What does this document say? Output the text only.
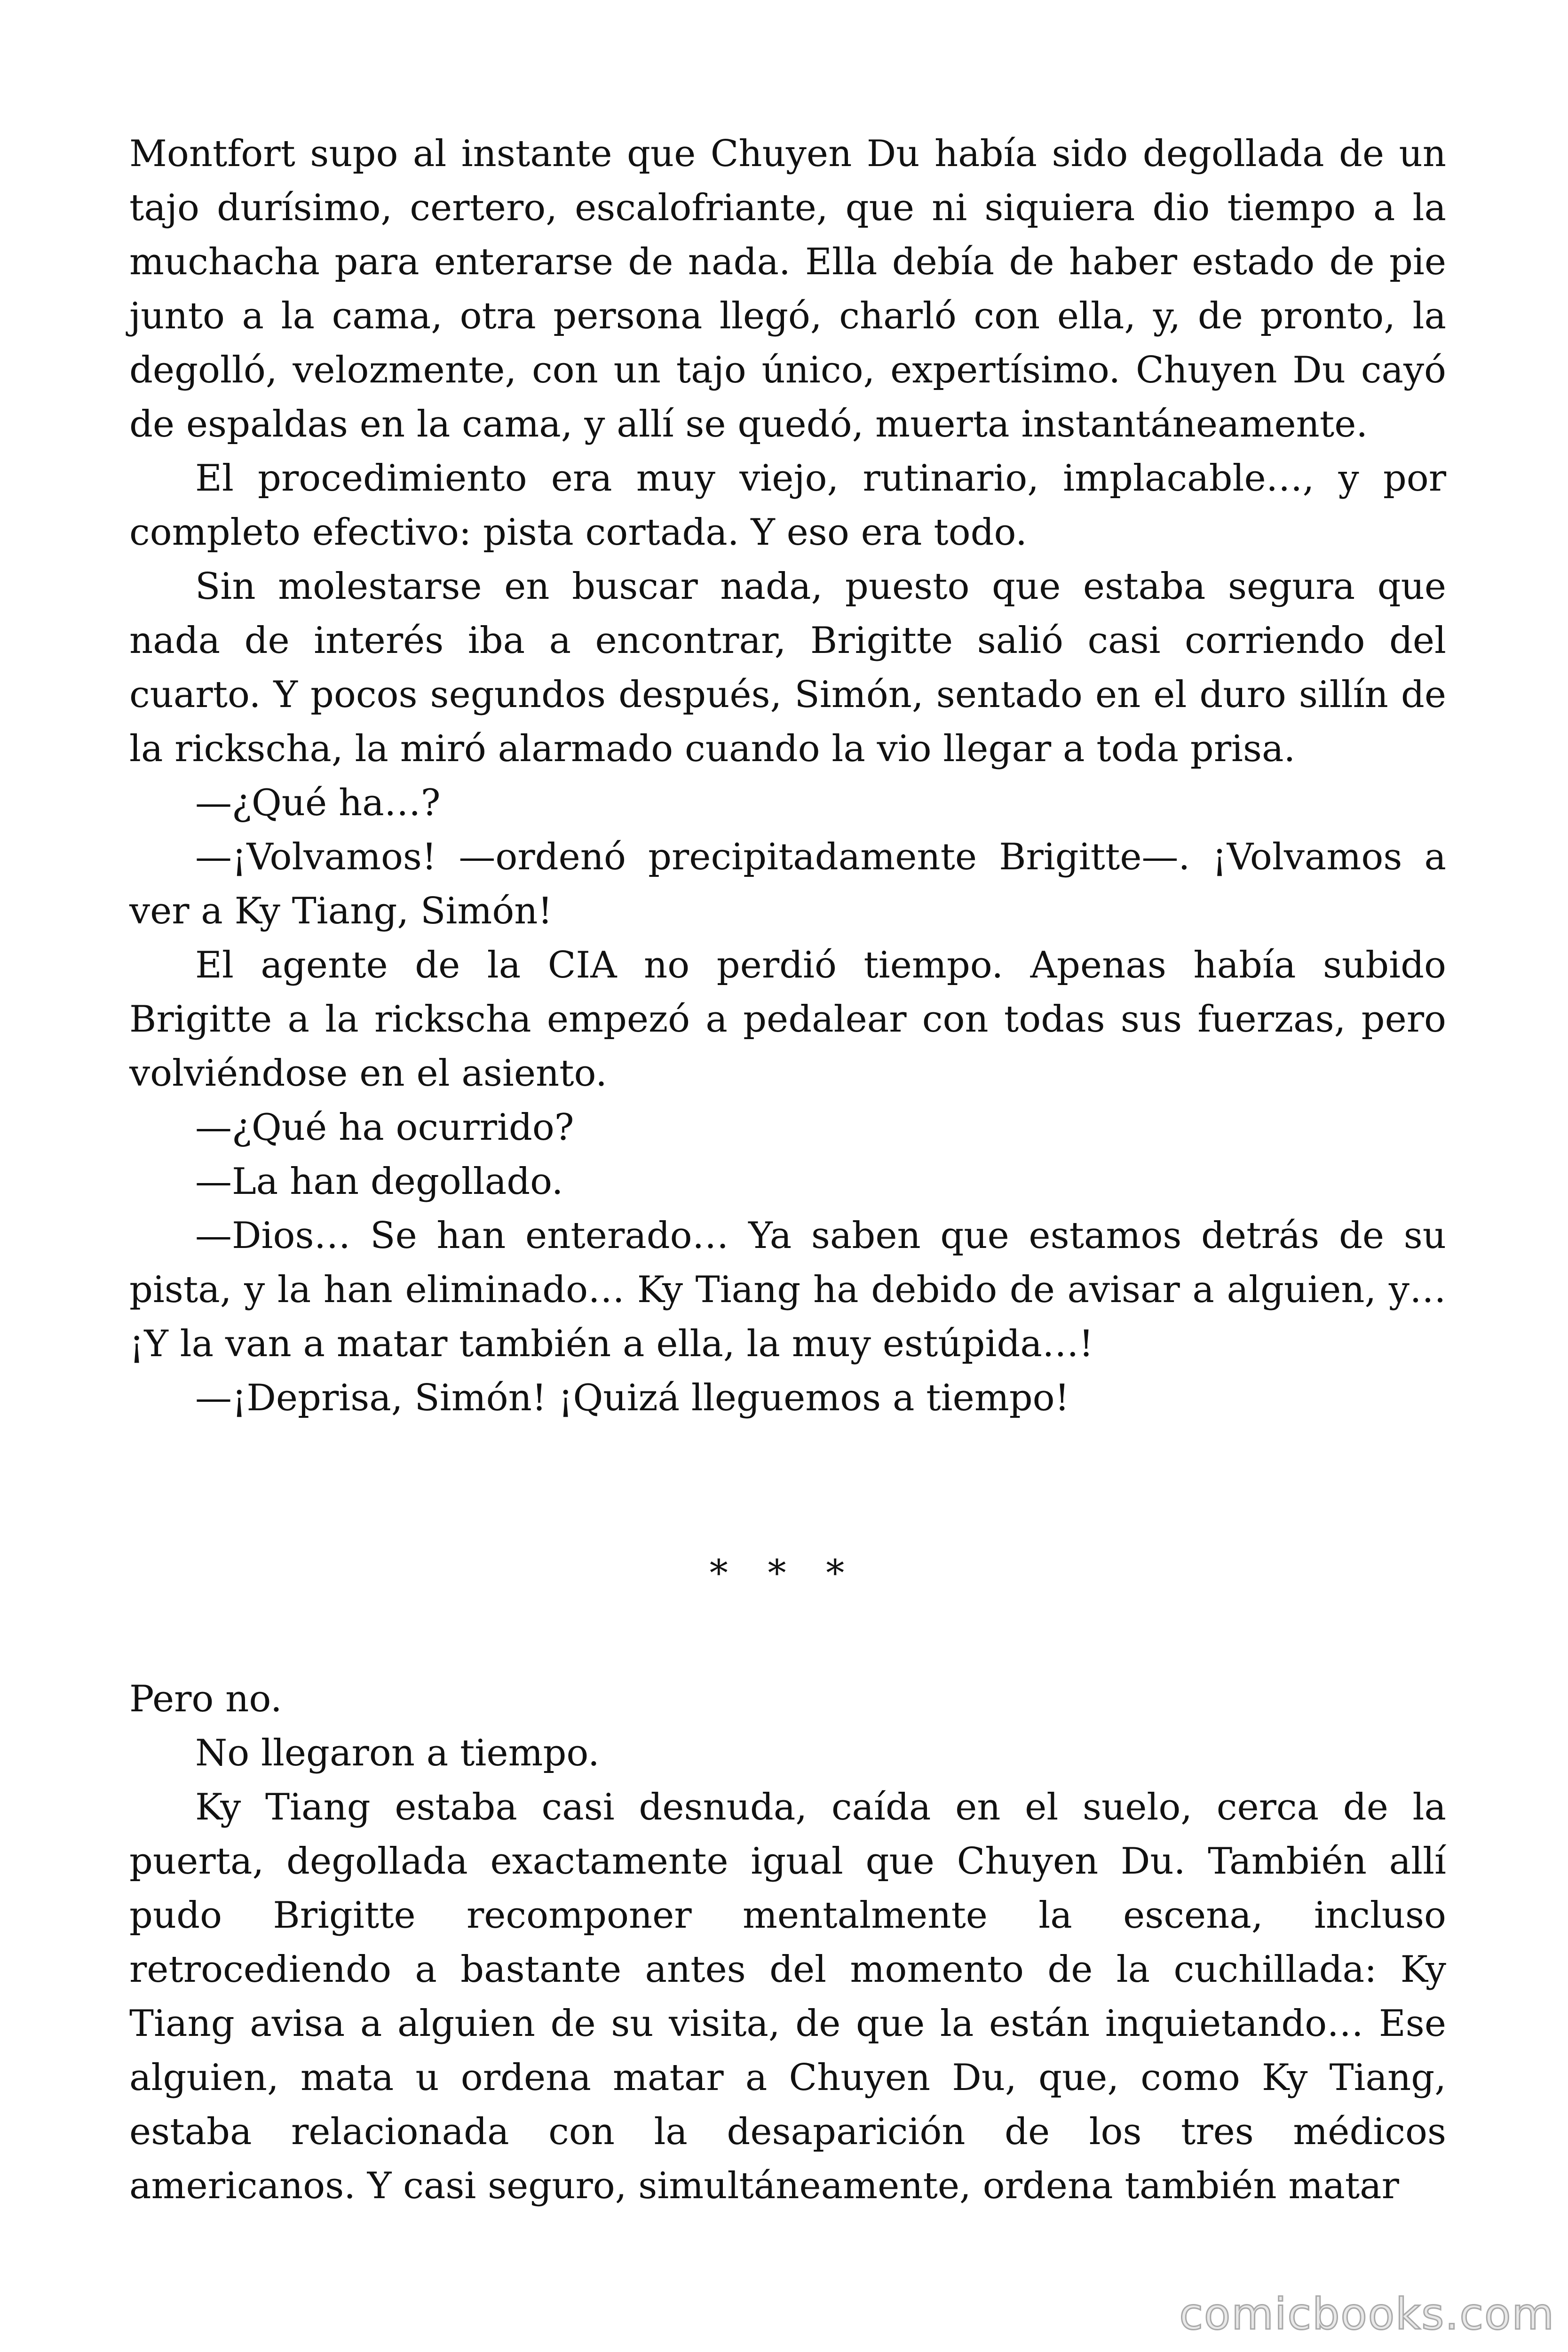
Montfort supo al instante que Chuyen Du había sido degollada de un tajo durísimo, certero, escalofriante, que ni siquiera dio tiempo a la muchacha para enterarse de nada. Ella debía de haber estado de pie junto a la cama, otra persona llegó, charló con ella, y, de pronto, la degolló, velozmente, con un tajo único, expertísimo. Chuyen Du cayó de espaldas en la cama, y allí se quedó, muerta instantáneamente.

El procedimiento era muy viejo, rutinario, implacable…, y por completo efectivo: pista cortada. Y eso era todo.

Sin molestarse en buscar nada, puesto que estaba segura que nada de interés iba a encontrar, Brigitte salió casi corriendo del cuarto. Y pocos segundos después, Simón, sentado en el duro sillín de la rickscha, la miró alarmado cuando la vio llegar a toda prisa.

—¿Qué ha…?

—¡Volvamos! —ordenó precipitadamente Brigitte—. ¡Volvamos a ver a Ky Tiang, Simón!

El agente de la CIA no perdió tiempo. Apenas había subido Brigitte a la rickscha empezó a pedalear con todas sus fuerzas, pero volviéndose en el asiento.

—¿Qué ha ocurrido?

—La han degollado.

—Dios… Se han enterado… Ya saben que estamos detrás de su pista, y la han eliminado… Ky Tiang ha debido de avisar a alguien, y… ¡Y la van a matar también a ella, la muy estúpida…!

—¡Deprisa, Simón! ¡Quizá lleguemos a tiempo!

* * *

Pero no.

No llegaron a tiempo.

Ky Tiang estaba casi desnuda, caída en el suelo, cerca de la puerta, degollada exactamente igual que Chuyen Du. También allí pudo Brigitte recomponer mentalmente la escena, incluso retrocediendo a bastante antes del momento de la cuchillada: Ky Tiang avisa a alguien de su visita, de que la están inquietando… Ese alguien, mata u ordena matar a Chuyen Du, que, como Ky Tiang, estaba relacionada con la desaparición de los tres médicos americanos. Y casi seguro, simultáneamente, ordena también matar

comicbooks.com
